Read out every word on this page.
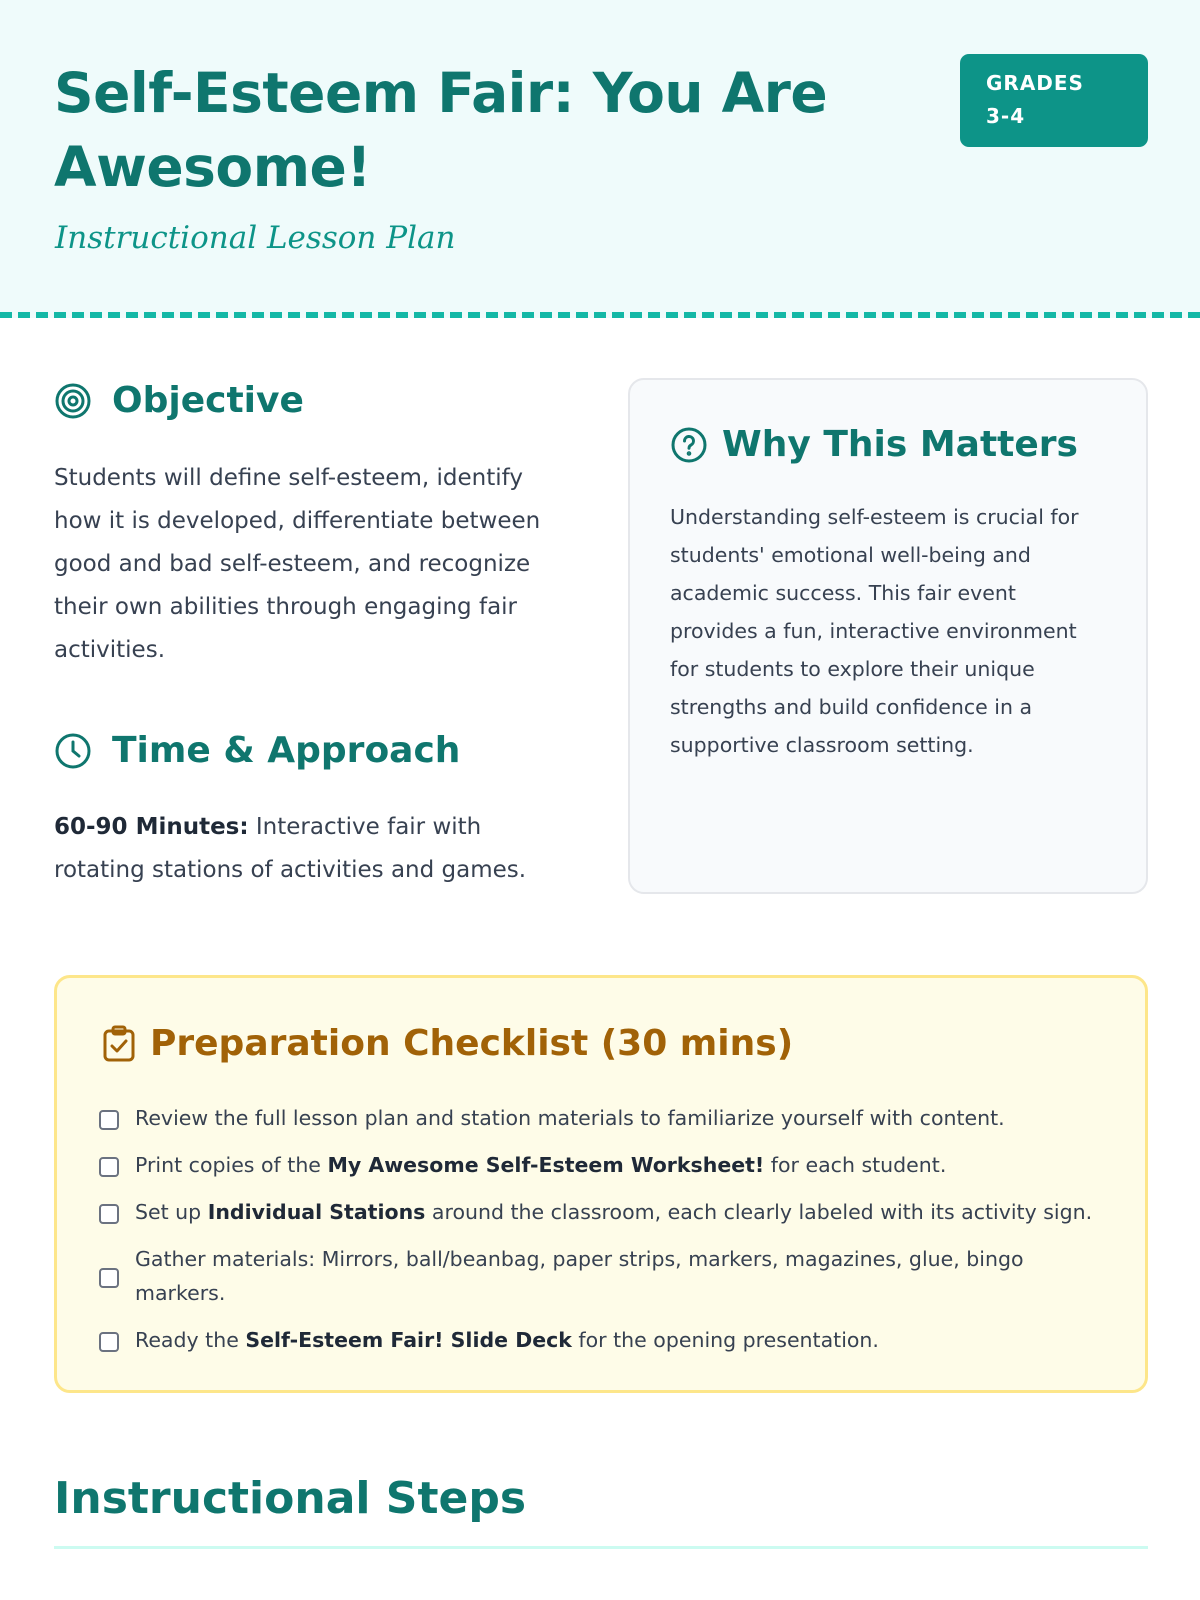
Self-Esteem Fair: You Are Awesome!
Instructional Lesson Plan
GRADES
3-4
Objective

Students will define self-esteem, identify how it is developed, differentiate between good and bad self-esteem, and recognize their own abilities through engaging fair activities.

Time & Approach

60-90 Minutes: Interactive fair with rotating stations of activities and games.

Why This Matters

Understanding self-esteem is crucial for students' emotional well-being and academic success. This fair event provides a fun, interactive environment for students to explore their unique strengths and build confidence in a supportive classroom setting.

Preparation Checklist (30 mins)
Review the full lesson plan and station materials to familiarize yourself with content.
Print copies of the My Awesome Self-Esteem Worksheet! for each student.
Set up Individual Stations around the classroom, each clearly labeled with its activity sign.
Gather materials: Mirrors, ball/beanbag, paper strips, markers, magazines, glue, bingo markers.
Ready the Self-Esteem Fair! Slide Deck for the opening presentation.
Instructional Steps
